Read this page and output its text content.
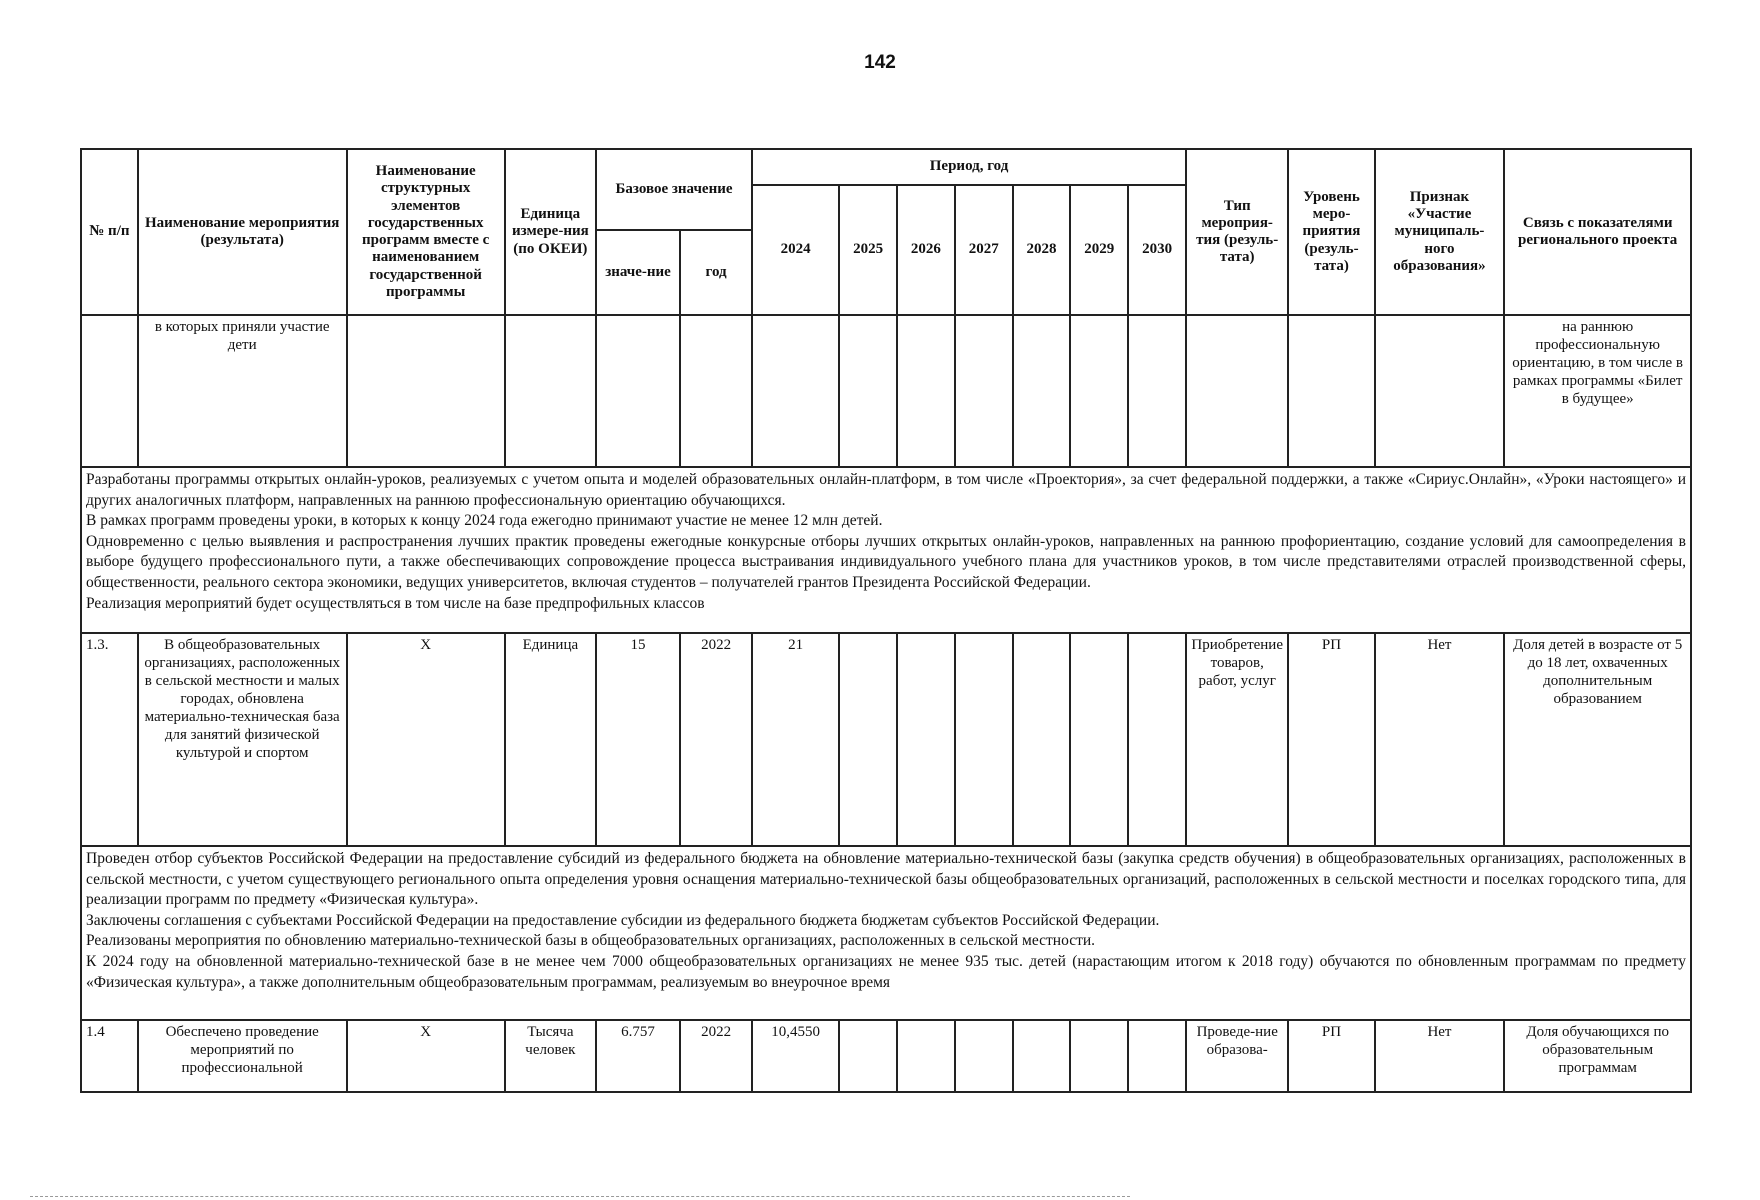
142
№ п/п	Наименование мероприятия (результата)	Наименование структурных элементов государственных программ вместе с наименованием государственной программы	Единица измере-ния (по ОКЕИ)	Базовое значение		Период, год							Тип мероприя-тия (резуль-тата)	Уровень меро-приятия (резуль-тата)	Признак «Участие муниципаль-ного образования»	Связь с показателями регионального проекта
						2024	2025	2026	2027	2028	2029	2030				
				значе-ние	год											
	в которых приняли участие дети															на раннюю профессиональную ориентацию, в том числе в рамках программы «Билет в будущее»

Разработаны программы открытых онлайн-уроков, реализуемых с учетом опыта и моделей образовательных онлайн-платформ, в том числе «Проектория», за счет федеральной поддержки, а также «Сириус.Онлайн», «Уроки настоящего» и других аналогичных платформ, направленных на раннюю профессиональную ориентацию обучающихся.

В рамках программ проведены уроки, в которых к концу 2024 года ежегодно принимают участие не менее 12 млн детей.

Одновременно с целью выявления и распространения лучших практик проведены ежегодные конкурсные отборы лучших открытых онлайн-уроков, направленных на раннюю профориентацию, создание условий для самоопределения в выборе будущего профессионального пути, а также обеспечивающих сопровождение процесса выстраивания индивидуального учебного плана для участников уроков, в том числе представителями отраслей производственной сферы, общественности, реального сектора экономики, ведущих университетов, включая студентов – получателей грантов Президента Российской Федерации.

Реализация мероприятий будет осуществляться в том числе на базе предпрофильных классов																

1.3.	В общеобразовательных организациях, расположенных в сельской местности и малых городах, обновлена материально-техническая база для занятий физической культурой и спортом	X	Единица	15	2022	21							Приобретение товаров, работ, услуг	РП	Нет	Доля детей в возрасте от 5 до 18 лет, охваченных дополнительным образованием

Проведен отбор субъектов Российской Федерации на предоставление субсидий из федерального бюджета на обновление материально-технической базы (закупка средств обучения) в общеобразовательных организациях, расположенных в сельской местности, с учетом существующего регионального опыта определения уровня оснащения материально-технической базы общеобразовательных организаций, расположенных в сельской местности и поселках городского типа, для реализации программ по предмету «Физическая культура».

Заключены соглашения с субъектами Российской Федерации на предоставление субсидии из федерального бюджета бюджетам субъектов Российской Федерации.

Реализованы мероприятия по обновлению материально-технической базы в общеобразовательных организациях, расположенных в сельской местности.

К 2024 году на обновленной материально-технической базе в не менее чем 7000 общеобразовательных организациях не менее 935 тыс. детей (нарастающим итогом к 2018 году) обучаются по обновленным программам по предмету «Физическая культура», а также дополнительным общеобразовательным программам, реализуемым во внеурочное время																

1.4	Обеспечено проведение мероприятий по профессиональной	X	Тысяча человек	6.757	2022	10,4550							Проведе-ние образова-	РП	Нет	Доля обучающихся по образовательным программам
